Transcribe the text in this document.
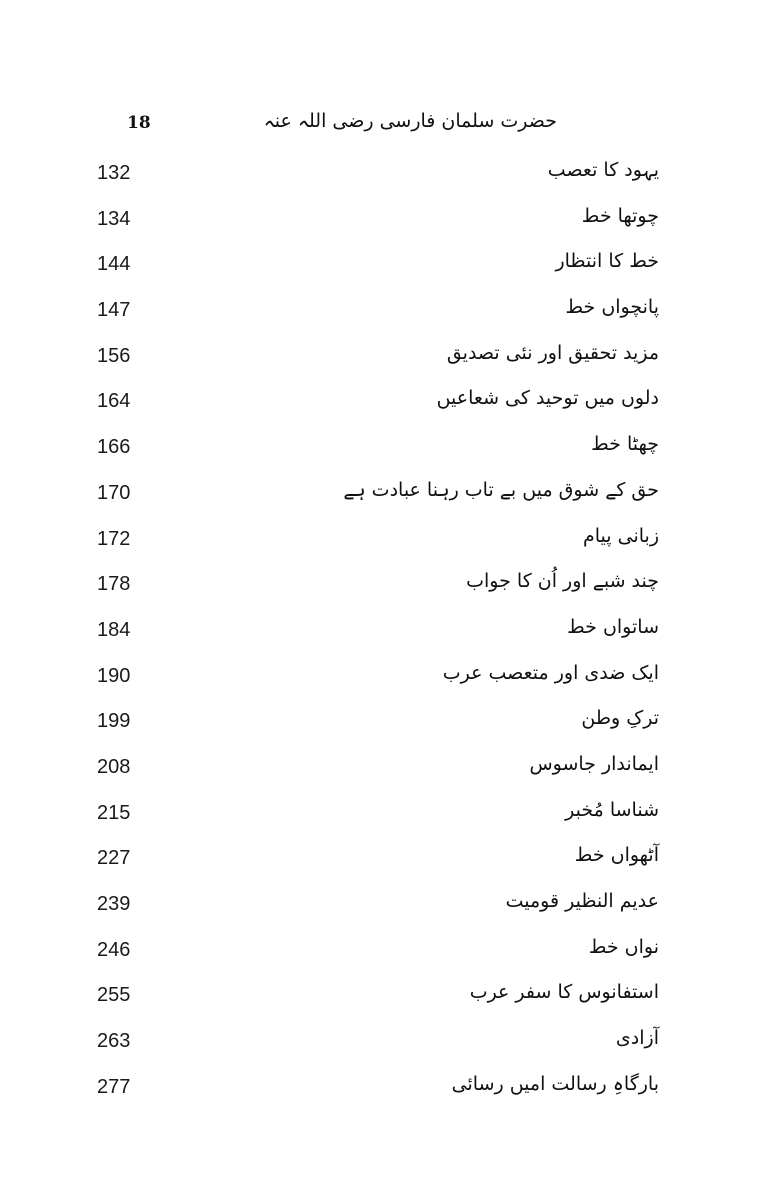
18	حضرت سلمان فارسی رضی اللہ عنہ
132	یہود کا تعصب
134	چوتھا خط
144	خط کا انتظار
147	پانچواں خط
156	مزید تحقیق اور نئی تصدیق
164	دلوں میں توحید کی شعاعیں
166	چھٹا خط
170	حق کے شوق میں بے تاب رہنا عبادت ہے
172	زبانی پیام
178	چند شبے اور اُن کا جواب
184	ساتواں خط
190	ایک ضدی اور متعصب عرب
199	ترکِ وطن
208	ایماندار جاسوس
215	شناسا مُخبر
227	آٹھواں خط
239	عدیم النظیر قومیت
246	نواں خط
255	استفانوس کا سفر عرب
263	آزادی
277	بارگاہِ رسالت امیں رسائی
